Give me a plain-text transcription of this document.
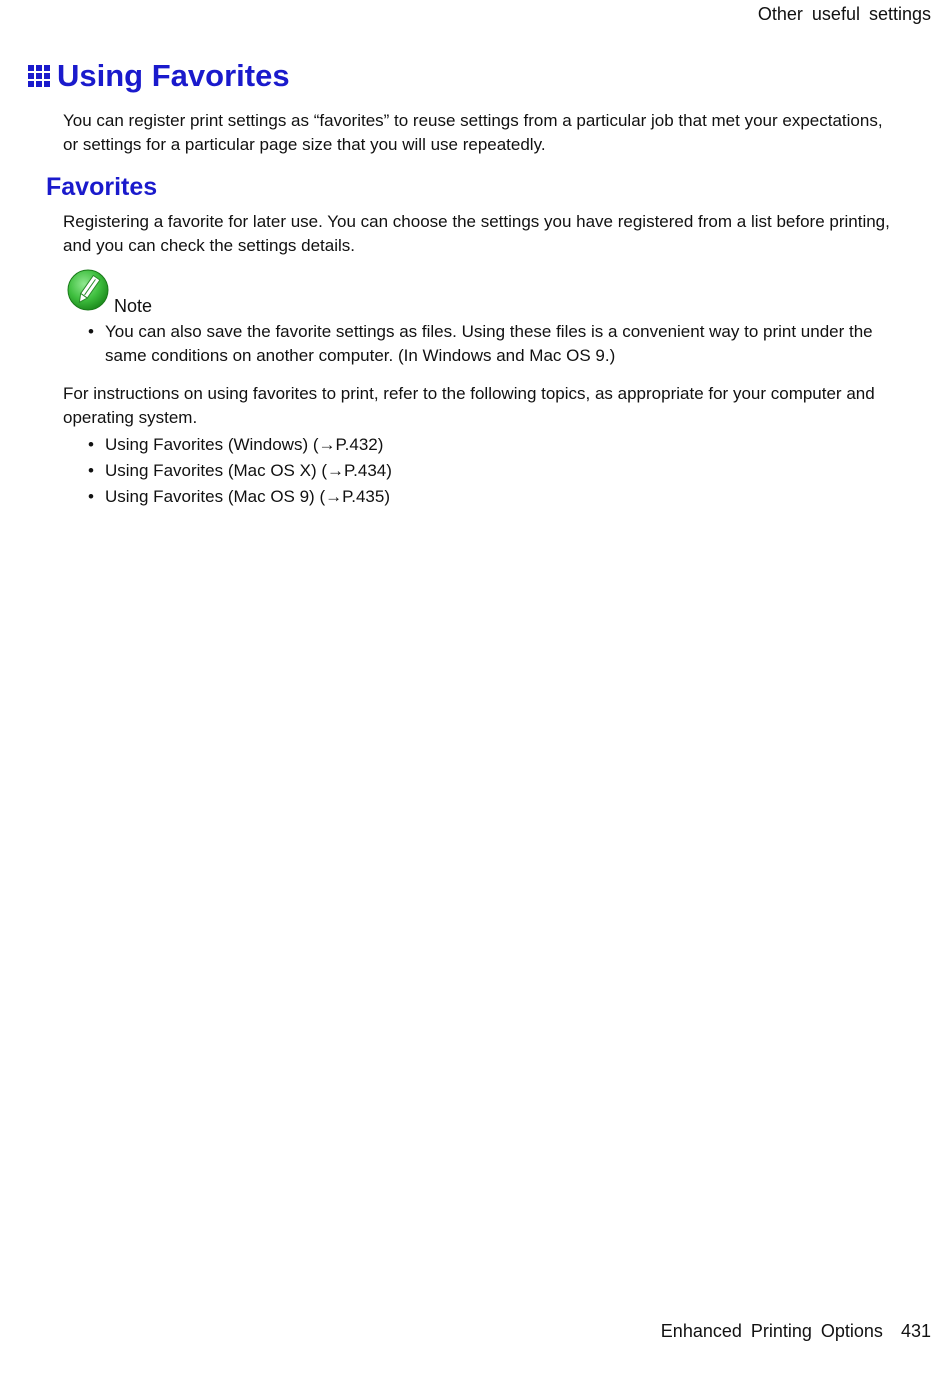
Other useful settings
Using Favorites
You can register print settings as “favorites” to reuse settings from a particular job that met your expectations, or settings for a particular page size that you will use repeatedly.
Favorites
Registering a favorite for later use. You can choose the settings you have registered from a list before printing, and you can check the settings details.
Note
• You can also save the favorite settings as files. Using these files is a convenient way to print under the same conditions on another computer. (In Windows and Mac OS 9.)
For instructions on using favorites to print, refer to the following topics, as appropriate for your computer and operating system.
• Using Favorites (Windows) (→P.432)
• Using Favorites (Mac OS X) (→P.434)
• Using Favorites (Mac OS 9) (→P.435)
Enhanced Printing Options 431
